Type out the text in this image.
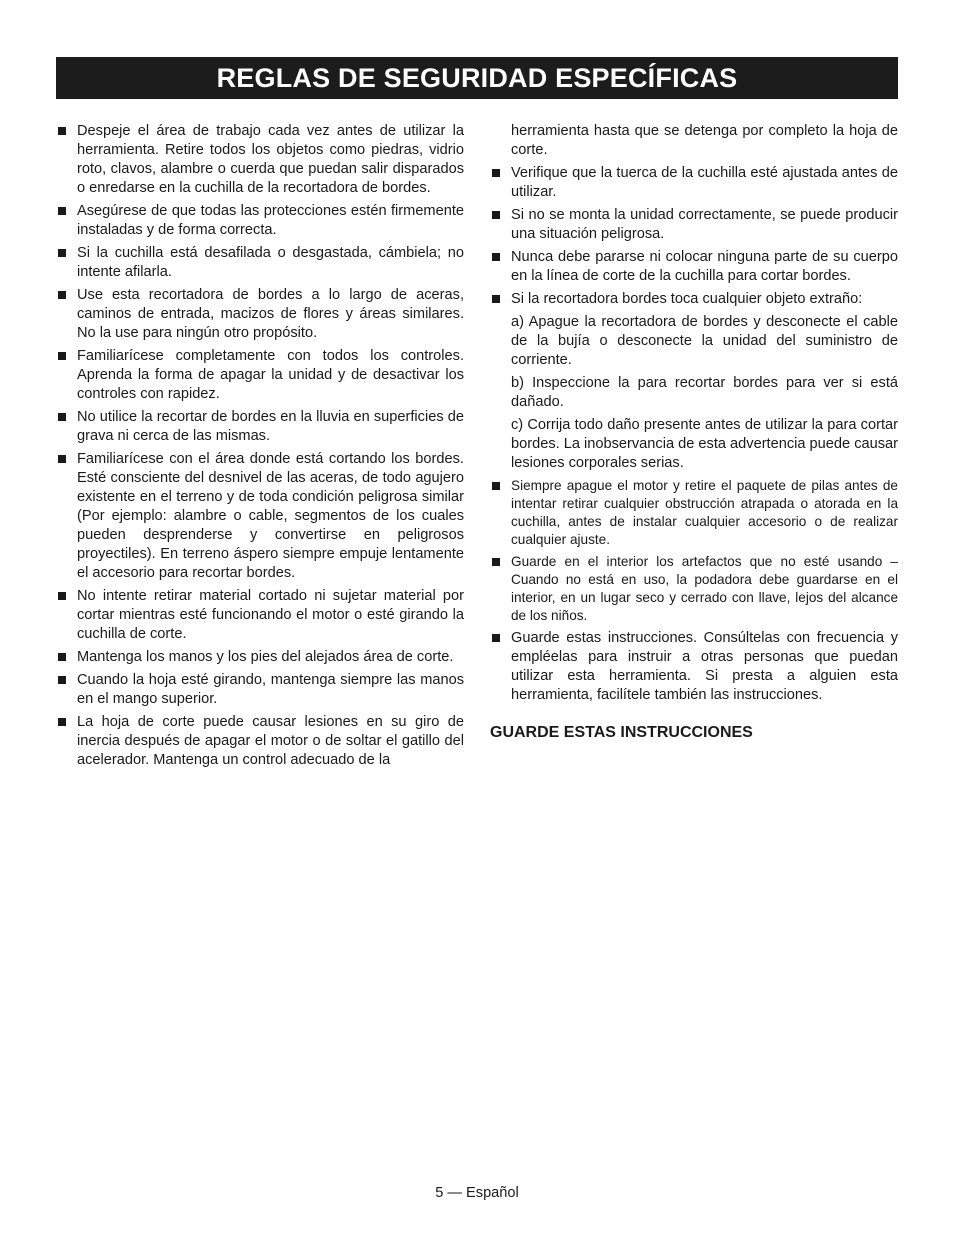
REGLAS DE SEGURIDAD ESPECÍFICAS
Despeje el área de trabajo cada vez antes de utilizar la herramienta. Retire todos los objetos como piedras, vidrio roto, clavos, alambre o cuerda que puedan salir disparados o enredarse en la cuchilla de la recortadora de bordes.
Asegúrese de que todas las protecciones estén firmemente instaladas y de forma correcta.
Si la cuchilla está desafilada o desgastada, cámbiela; no intente afilarla.
Use esta recortadora de bordes a lo largo de aceras, caminos de entrada, macizos de flores y áreas similares. No la use para ningún otro propósito.
Familiarícese completamente con todos los controles. Aprenda la forma de apagar la unidad y de desactivar los controles con rapidez.
No utilice la recortar de bordes en la lluvia en superficies de grava ni cerca de las mismas.
Familiarícese con el área donde está cortando los bordes. Esté consciente del desnivel de las aceras, de todo agujero existente en el terreno y de toda condición peligrosa similar (Por ejemplo: alambre o cable, segmentos de los cuales pueden desprenderse y convertirse en peligrosos proyectiles). En terreno áspero siempre empuje lentamente el accesorio para recortar bordes.
No intente retirar material cortado ni sujetar material por cortar mientras esté funcionando el motor o esté girando la cuchilla de corte.
Mantenga los manos y los pies del alejados área de corte.
Cuando la hoja esté girando, mantenga siempre las manos en el mango superior.
La hoja de corte puede causar lesiones en su giro de inercia después de apagar el motor o de soltar el gatillo del acelerador. Mantenga un control adecuado de la
herramienta hasta que se detenga por completo la hoja de corte.
Verifique que la tuerca de la cuchilla esté ajustada antes de utilizar.
Si no se monta la unidad correctamente, se puede producir una situación peligrosa.
Nunca debe pararse ni colocar ninguna parte de su cuerpo en la línea de corte de la cuchilla para cortar bordes.
Si la recortadora bordes toca cualquier objeto extraño:
a) Apague la recortadora de bordes y desconecte el cable de la bujía o desconecte la unidad del suministro de corriente.
b) Inspeccione la para recortar bordes para ver si está dañado.
c) Corrija todo daño presente antes de utilizar la para cortar bordes. La inobservancia de esta advertencia puede causar lesiones corporales serias.
Siempre apague el motor y retire el paquete de pilas antes de intentar retirar cualquier obstrucción atrapada o atorada en la cuchilla, antes de instalar cualquier accesorio o de realizar cualquier ajuste.
Guarde en el interior los artefactos que no esté usando – Cuando no está en uso, la podadora debe guardarse en el interior, en un lugar seco y cerrado con llave, lejos del alcance de los niños.
Guarde estas instrucciones. Consúltelas con frecuencia y empléelas para instruir a otras personas que puedan utilizar esta herramienta. Si presta a alguien esta herramienta, facilítele también las instrucciones.
GUARDE ESTAS INSTRUCCIONES
5 — Español
